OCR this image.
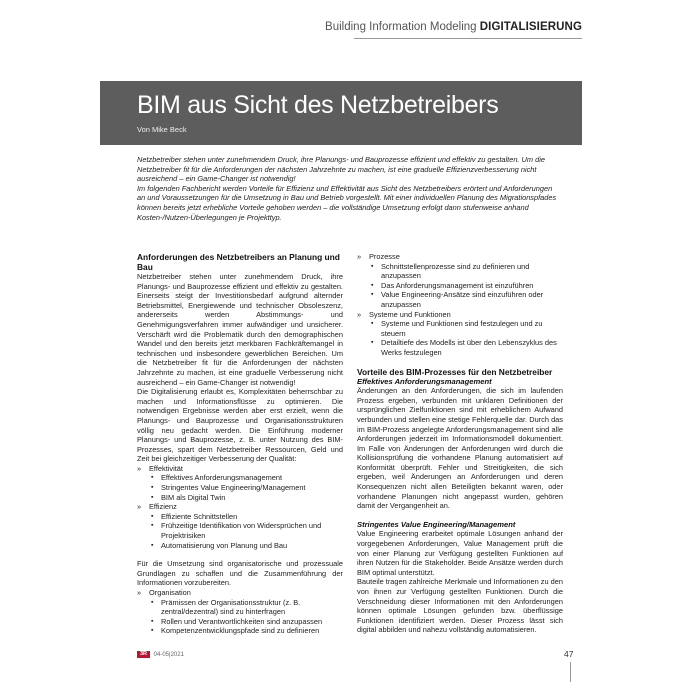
Building Information Modeling DIGITALISIERUNG
BIM aus Sicht des Netzbetreibers
Von Mike Beck

Netzbetreiber stehen unter zunehmendem Druck, ihre Planungs- und Bauprozesse effizient und effektiv zu gestalten. Um die Netzbetreiber fit für die Anforderungen der nächsten Jahrzehnte zu machen, ist eine graduelle Effizienzverbesserung nicht ausreichend – ein Game-Changer ist notwendig!

Im folgenden Fachbericht werden Vorteile für Effizienz und Effektivität aus Sicht des Netzbetreibers erörtert und Anforderungen an und Voraussetzungen für die Umsetzung in Bau und Betrieb vorgestellt. Mit einer individuellen Planung des Migrationspfades können bereits jetzt erhebliche Vorteile gehoben werden – die vollständige Umsetzung erfolgt dann stufenweise anhand Kosten-/Nutzen-Überlegungen je Projekttyp.

Anforderungen des Netzbetreibers an Planung und Bau

Netzbetreiber stehen unter zunehmendem Druck, ihre Planungs- und Bauprozesse effizient und effektiv zu gestalten. Einerseits steigt der Investitionsbedarf aufgrund alternder Betriebsmittel, Energiewende und technischer Obsoleszenz, andererseits werden Abstimmungs- und Genehmigungsverfahren immer aufwändiger und unsicherer. Verschärft wird die Problematik durch den demographischen Wandel und den bereits jetzt merkbaren Fachkräftemangel in technischen und insbesondere gewerblichen Bereichen. Um die Netzbetreiber fit für die Anforderungen der nächsten Jahrzehnte zu machen, ist eine graduelle Verbesserung nicht ausreichend – ein Game-Changer ist notwendig!

Die Digitalisierung erlaubt es, Komplexitäten beherrschbar zu machen und Informationsflüsse zu optimieren. Die notwendigen Ergebnisse werden aber erst erzielt, wenn die Planungs- und Bauprozesse und Organisationsstrukturen völlig neu gedacht werden. Die Einführung moderner Planungs- und Bauprozesse, z. B. unter Nutzung des BIM-Prozesses, spart dem Netzbetreiber Ressourcen, Geld und Zeit bei gleichzeitiger Verbesserung der Qualität:

» Effektivität
▪ Effektives Anforderungsmanagement
▪ Stringentes Value Engineering/Management
▪ BIM als Digital Twin
» Effizienz
▪ Effiziente Schnittstellen
▪ Frühzeitige Identifikation von Widersprüchen und Projektrisiken
▪ Automatisierung von Planung und Bau

Für die Umsetzung sind organisatorische und prozessuale Grundlagen zu schaffen und die Zusammenführung der Informationen vorzubereiten.

» Organisation
▪ Prämissen der Organisationsstruktur (z. B. zentral/dezentral) sind zu hinterfragen
▪ Rollen und Verantwortlichkeiten sind anzupassen
▪ Kompetenzentwicklungspfade sind zu definieren
» Prozesse
▪ Schnittstellenprozesse sind zu definieren und anzupassen
▪ Das Anforderungsmanagement ist einzuführen
▪ Value Engineering-Ansätze sind einzuführen oder anzupassen
» Systeme und Funktionen
▪ Systeme und Funktionen sind festzulegen und zu steuern
▪ Detailtiefe des Modells ist über den Lebenszyklus des Werks festzulegen
Vorteile des BIM-Prozesses für den Netzbetreiber
Effektives Anforderungsmanagement

Änderungen an den Anforderungen, die sich im laufenden Prozess ergeben, verbunden mit unklaren Definitionen der ursprünglichen Zielfunktionen sind mit erheblichem Aufwand verbunden und stellen eine stetige Fehlerquelle dar. Durch das im BIM-Prozess angelegte Anforderungsmanagement sind alle Anforderungen jederzeit im Informationsmodell dokumentiert. Im Falle von Änderungen der Anforderungen wird durch die Kollisionsprüfung die vorhandene Planung automatisiert auf Konformität überprüft. Fehler und Streitigkeiten, die sich ergeben, weil Änderungen an Anforderungen und deren Konsequenzen nicht allen Beteiligten bekannt waren, oder vorhandene Planungen nicht angepasst wurden, gehören damit der Vergangenheit an.

Stringentes Value Engineering/Management

Value Engineering erarbeitet optimale Lösungen anhand der vorgegebenen Anforderungen, Value Management prüft die von einer Planung zur Verfügung gestellten Funktionen auf ihren Nutzen für die Stakeholder. Beide Ansätze werden durch BIM optimal unterstützt.

Bauteile tragen zahlreiche Merkmale und Informationen zu den von ihnen zur Verfügung gestellten Funktionen. Durch die Verschneidung dieser Informationen mit den Anforderungen können optimale Lösungen gefunden bzw. überflüssige Funktionen identifiziert werden. Dieser Prozess lässt sich digital abbilden und nahezu vollständig automatisieren.

3R 04-05|2021	47
